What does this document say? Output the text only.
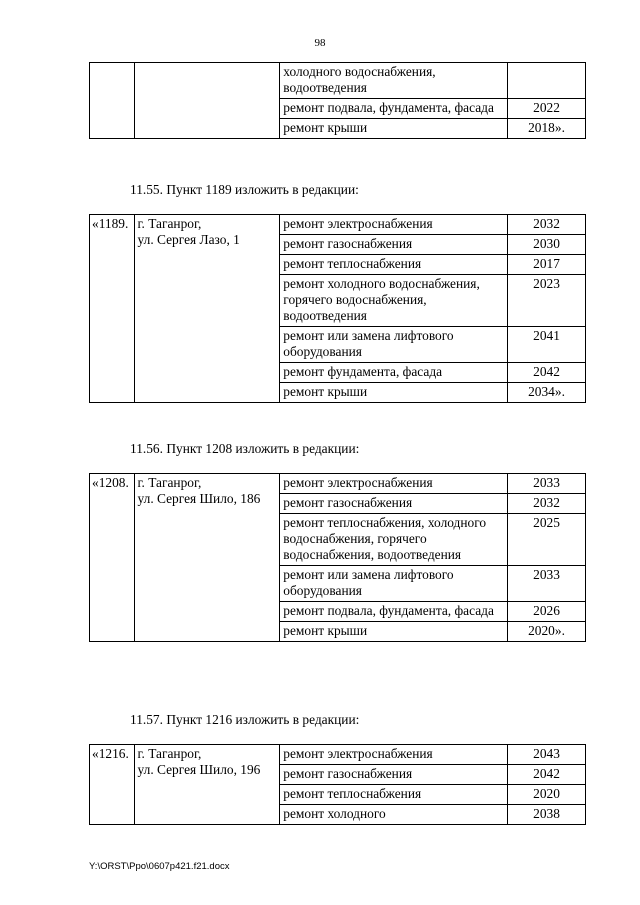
98
		холодного водоснабжения, водоотведения	
		ремонт подвала, фундамента, фасада	2022
		ремонт крыши	2018».
11.55. Пункт 1189 изложить в редакции:
«1189.	г. Таганрог,
ул. Сергея Лазо, 1	ремонт электроснабжения	2032
		ремонт газоснабжения	2030
		ремонт теплоснабжения	2017
		ремонт холодного водоснабжения, горячего водоснабжения, водоотведения	2023
		ремонт или замена лифтового оборудования	2041
		ремонт фундамента, фасада	2042
		ремонт крыши	2034».
11.56. Пункт 1208 изложить в редакции:
«1208.	г. Таганрог,
ул. Сергея Шило, 186	ремонт электроснабжения	2033
		ремонт газоснабжения	2032
		ремонт теплоснабжения, холодного водоснабжения, горячего водоснабжения, водоотведения	2025
		ремонт или замена лифтового оборудования	2033
		ремонт подвала, фундамента, фасада	2026
		ремонт крыши	2020».
11.57. Пункт 1216 изложить в редакции:
«1216.	г. Таганрог,
ул. Сергея Шило, 196	ремонт электроснабжения	2043
		ремонт газоснабжения	2042
		ремонт теплоснабжения	2020
		ремонт холодного	2038
Y:\ORST\Ppo\0607p421.f21.docx
